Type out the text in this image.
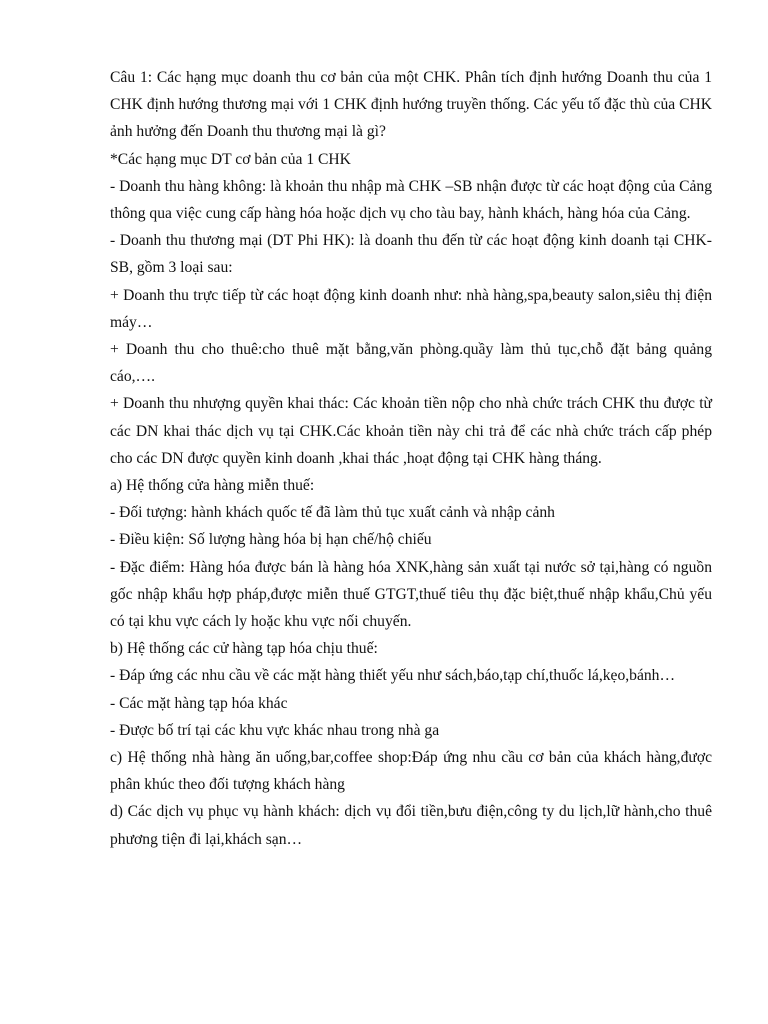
Câu 1: Các hạng mục doanh thu cơ bản của một CHK. Phân tích định hướng Doanh thu của 1 CHK định hướng thương mại với 1 CHK định hướng truyền thống. Các yếu tố đặc thù của CHK ảnh hưởng đến Doanh thu thương mại là gì?

*Các hạng mục DT cơ bản của 1 CHK

- Doanh thu hàng không: là khoản thu nhập mà CHK –SB nhận được từ các hoạt động của Cảng thông qua việc cung cấp hàng hóa hoặc dịch vụ cho tàu bay, hành khách, hàng hóa của Cảng.

- Doanh thu thương mại (DT Phi HK): là doanh thu đến từ các hoạt động kinh doanh tại CHK-SB, gồm 3 loại sau:

+ Doanh thu trực tiếp từ các hoạt động kinh doanh như: nhà hàng,spa,beauty salon,siêu thị điện máy…

+ Doanh thu cho thuê:cho thuê mặt bằng,văn phòng.quầy làm thủ tục,chỗ đặt bảng quảng cáo,….

+ Doanh thu nhượng quyền khai thác: Các khoản tiền nộp cho nhà chức trách CHK thu được từ các DN khai thác dịch vụ tại CHK.Các khoản tiền này chi trả để các nhà chức trách cấp phép cho các DN được quyền kinh doanh ,khai thác ,hoạt động tại CHK hàng tháng.

a) Hệ thống cửa hàng miễn thuế:

- Đối tượng: hành khách quốc tế đã làm thủ tục xuất cảnh và nhập cảnh

- Điều kiện: Số lượng hàng hóa bị hạn chế/hộ chiếu

- Đặc điểm: Hàng hóa được bán là hàng hóa XNK,hàng sản xuất tại nước sở tại,hàng có nguồn gốc nhập khẩu hợp pháp,được miễn thuế GTGT,thuế tiêu thụ đặc biệt,thuế nhập khẩu,Chủ yếu có tại khu vực cách ly hoặc khu vực nối chuyến.

b) Hệ thống các cử hàng tạp hóa chịu thuế:

- Đáp ứng các nhu cầu về các mặt hàng thiết yếu như sách,báo,tạp chí,thuốc lá,kẹo,bánh…

- Các mặt hàng tạp hóa khác

- Được bố trí tại các khu vực khác nhau trong nhà ga

c) Hệ thống nhà hàng ăn uống,bar,coffee shop:Đáp ứng nhu cầu cơ bản của khách hàng,được phân khúc theo đối tượng khách hàng

d) Các dịch vụ phục vụ hành khách: dịch vụ đổi tiền,bưu điện,công ty du lịch,lữ hành,cho thuê phương tiện đi lại,khách sạn…
